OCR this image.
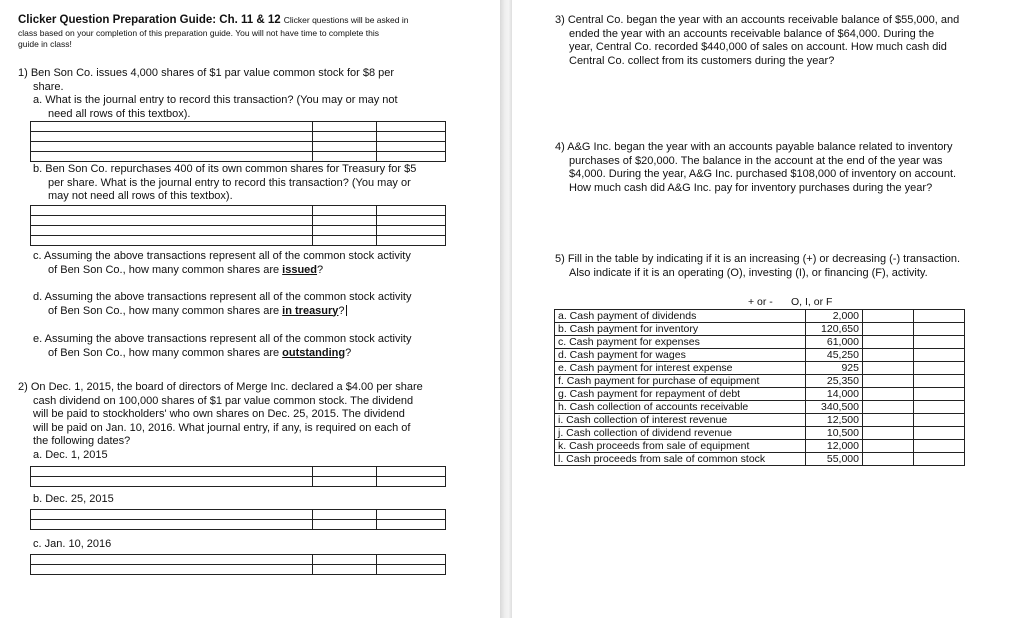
Clicker Question Preparation Guide: Ch. 11 & 12 Clicker questions will be asked in
class based on your completion of this preparation guide. You will not have time to complete this
guide in class!
1) Ben Son Co. issues 4,000 shares of $1 par value common stock for $8 per
share.
a. What is the journal entry to record this transaction? (You may or may not
need all rows of this textbox).

b. Ben Son Co. repurchases 400 of its own common shares for Treasury for $5
per share. What is the journal entry to record this transaction? (You may or
may not need all rows of this textbox).

c. Assuming the above transactions represent all of the common stock activity
of Ben Son Co., how many common shares are issued?
d. Assuming the above transactions represent all of the common stock activity
of Ben Son Co., how many common shares are in treasury?
e. Assuming the above transactions represent all of the common stock activity
of Ben Son Co., how many common shares are outstanding?
2) On Dec. 1, 2015, the board of directors of Merge Inc. declared a $4.00 per share
cash dividend on 100,000 shares of $1 par value common stock. The dividend
will be paid to stockholders' who own shares on Dec. 25, 2015. The dividend
will be paid on Jan. 10, 2016. What journal entry, if any, is required on each of
the following dates?
a. Dec. 1, 2015

b. Dec. 25, 2015

c. Jan. 10, 2016

3) Central Co. began the year with an accounts receivable balance of $55,000, and
ended the year with an accounts receivable balance of $64,000. During the
year, Central Co. recorded $440,000 of sales on account. How much cash did
Central Co. collect from its customers during the year?
4) A&G Inc. began the year with an accounts payable balance related to inventory
purchases of $20,000. The balance in the account at the end of the year was
$4,000. During the year, A&G Inc. purchased $108,000 of inventory on account.
How much cash did A&G Inc. pay for inventory purchases during the year?
5) Fill in the table by indicating if it is an increasing (+) or decreasing (-) transaction.
Also indicate if it is an operating (O), investing (I), or financing (F), activity.
+ or - O, I, or F
a. Cash payment of dividends	2,000		
b. Cash payment for inventory	120,650		
c. Cash payment for expenses	61,000		
d. Cash payment for wages	45,250		
e. Cash payment for interest expense	925		
f. Cash payment for purchase of equipment	25,350		
g. Cash payment for repayment of debt	14,000		
h. Cash collection of accounts receivable	340,500		
i. Cash collection of interest revenue	12,500		
j. Cash collection of dividend revenue	10,500		
k. Cash proceeds from sale of equipment	12,000		
l. Cash proceeds from sale of common stock	55,000		
